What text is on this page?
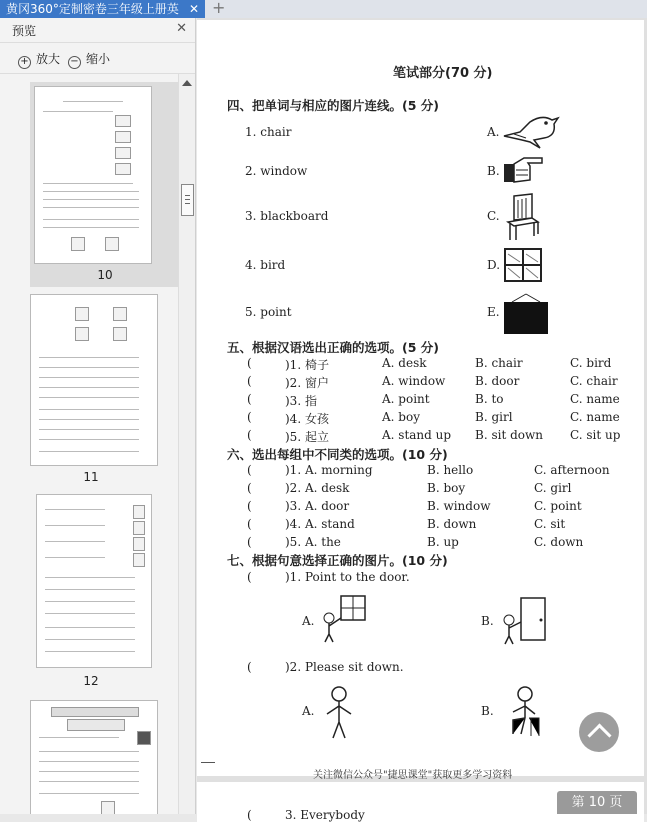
黄冈360°定制密卷三年级上册英 ✕ +
预览	✕
+ 放大 − 缩小
10
11
12
笔试部分(70 分)
四、把单词与相应的图片连线。(5 分)
1. chair
2. window
3. blackboard
4. bird
5. point
A.
B.
C.
D.
E.
五、根据汉语选出正确的选项。(5 分)
(	)1. 椅子	A. desk	B. chair	C. bird
(	)2. 窗户	A. window B. door	C. chair
(	)3. 指	A. point	B. to	C. name
(	)4. 女孩	A. boy	B. girl	C. name
(	)5. 起立	A. stand up B. sit down C. sit up
六、选出每组中不同类的选项。(10 分)
(	)1. A. morning	B. hello	C. afternoon
(	)2. A. desk	B. boy	C. girl
(	)3. A. door	B. window	C. point
(	)4. A. stand	B. down	C. sit
(	)5. A. the	B. up	C. down
七、根据句意选择正确的图片。(10 分)
(	)1. Point to the door.
A.	B.
(	)2. Please sit down.
A.	B.
关注微信公众号"捷思课堂"获取更多学习资料
(	3. Everybody
第 10 页
